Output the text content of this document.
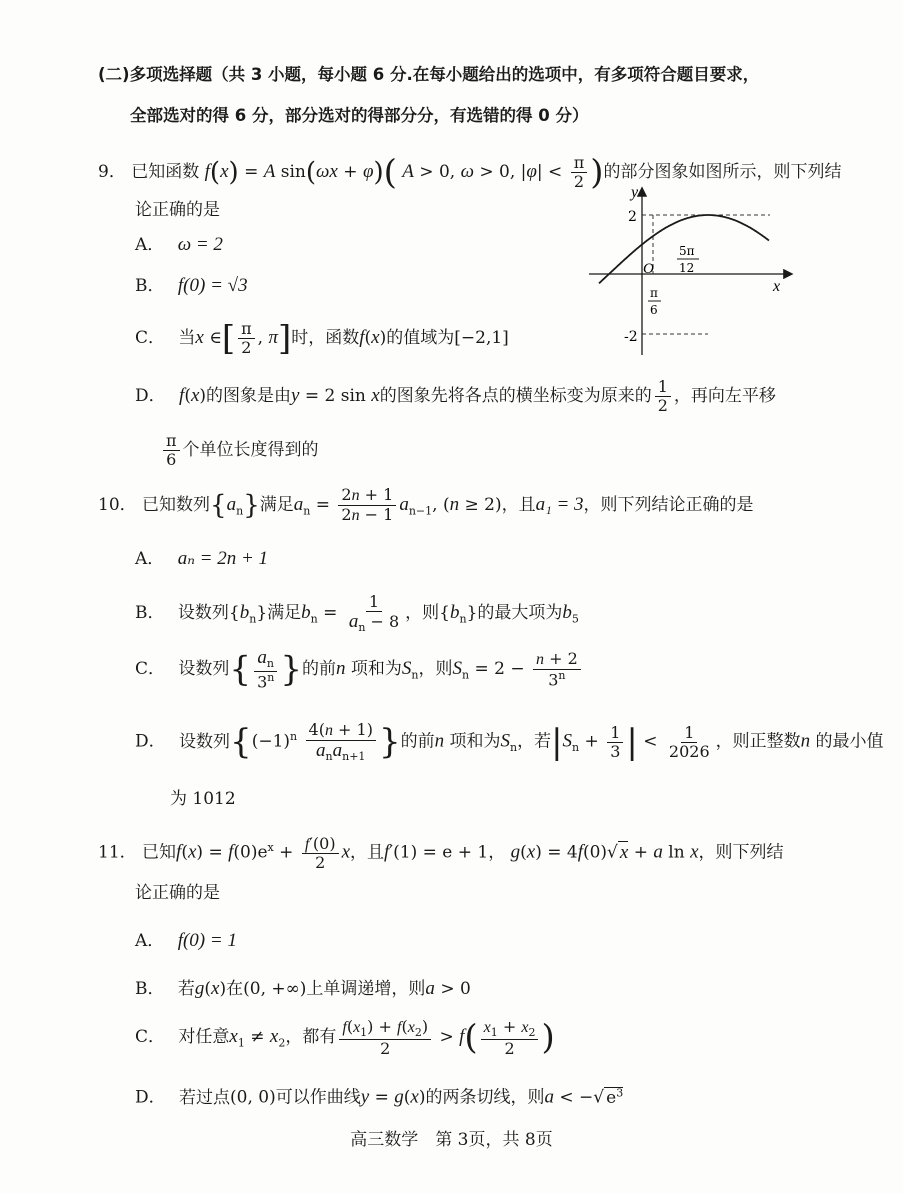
(二)多项选择题（共 3 小题，每小题 6 分.在每小题给出的选项中，有多项符合题目要求，
全部选对的得 6 分，部分选对的得部分分，有选错的得 0 分）
9． 已知函数 f(x) = A sin(ωx + φ)( A > 0, ω > 0, $|\varphi| < \frac{\pi}{2}$ )的部分图象如图所示，则下列结
论正确的是
A． ω = 2
B． f(0) = √3
C． 当x ∈[ $\frac{\pi}{2}$ , π]时，函数f(x)的值域为[−2,1]
D． f(x)的图象是由y = 2 sin x的图象先将各点的横坐标变为原来的 $\frac{1}{2}$ ，再向左平移
$\frac{\pi}{6}$ 个单位长度得到的
y
x
O
2
-2
π
6
5π
12
10． 已知数列$\{a_n\}$满足$a_n = \frac{2n + 1}{2n - 1} a_{n-1}$, (n ≥ 2)，且a₁ = 3，则下列结论正确的是
A． aₙ = 2n + 1
B． 设数列$\{b_n\}$满足$b_n = \frac{1}{a_n - 8}$ ，则$\{b_n\}$的最大项为$b_5$
C． 设数列{ $\frac{a_n}{3^n}$ }的前n 项和为$S_n$，则$S_n = 2 - \frac{n + 2}{3^n}$
D． 设数列{$(-1)^n \frac{4(n + 1)}{a_na_{n+1}}$ }的前n 项和为$S_n$，若$|S_n + \frac{1}{3}$ | < $\frac{1}{2026}$ ，则正整数n 的最小值
为 1012
11． 已知$f(x) = f(0)e^x + \frac{f'(0)}{2}$ x，且f′(1) = e + 1， g(x) = 4f(0)√ x + a ln x，则下列结
论正确的是
A． f(0) = 1
B． 若g(x)在(0, +∞)上单调递增，则a > 0
C． 对任意$x_1 \ne x_2$，都有 $\frac{f(x_1) + f(x_2)}{2} > f( \frac{x_1 + x_2}{2}$ )
D． 若过点(0, 0)可以作曲线y = g(x)的两条切线，则a < −√ $e^3$
高三数学　第 3页，共 8页
